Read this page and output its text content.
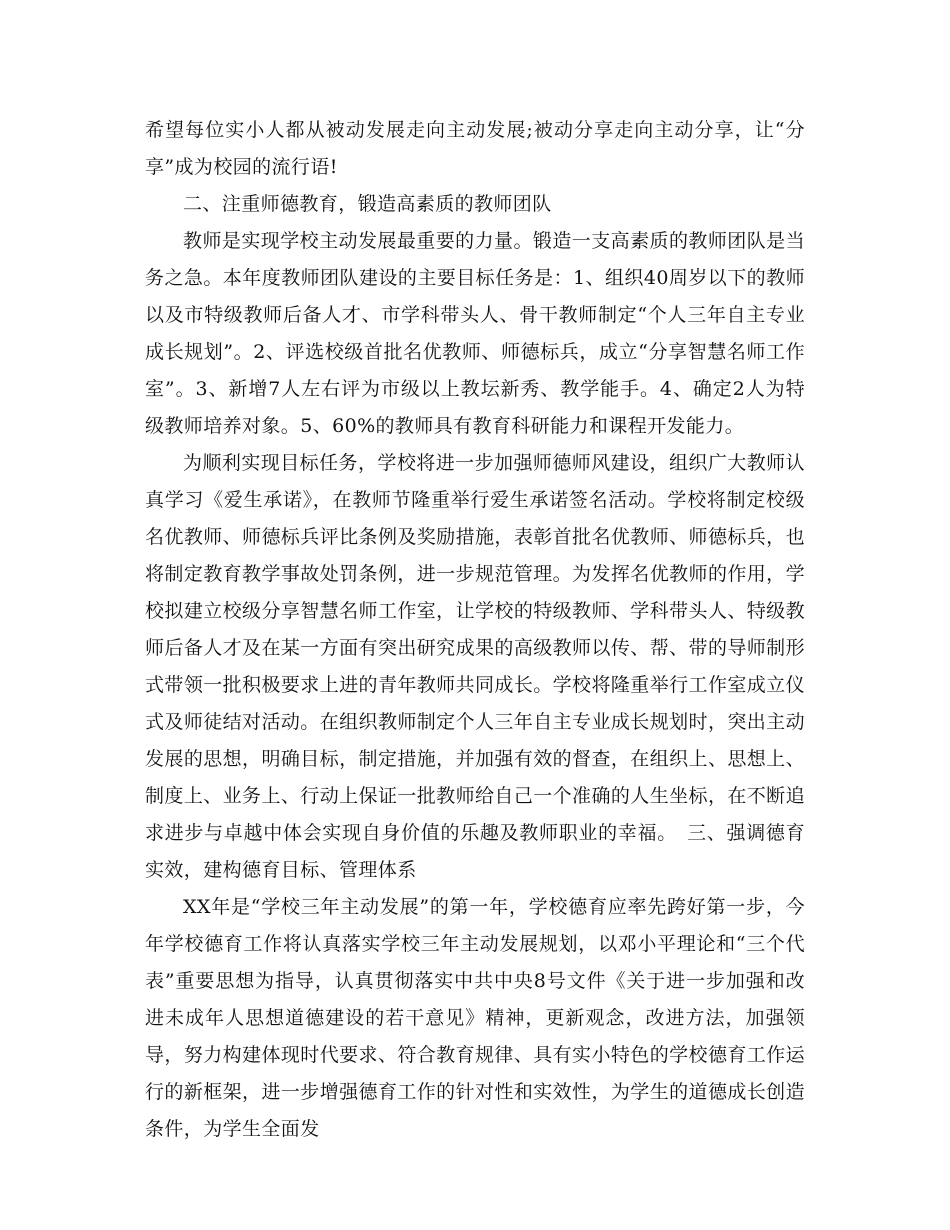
希望每位实小人都从被动发展走向主动发展;被动分享走向主动分享，让“分享”成为校园的流行语!

二、注重师德教育，锻造高素质的教师团队

教师是实现学校主动发展最重要的力量。锻造一支高素质的教师团队是当务之急。本年度教师团队建设的主要目标任务是：1、组织40周岁以下的教师以及市特级教师后备人才、市学科带头人、骨干教师制定“个人三年自主专业成长规划”。2、评选校级首批名优教师、师德标兵，成立“分享智慧名师工作室”。3、新增7人左右评为市级以上教坛新秀、教学能手。4、确定2人为特级教师培养对象。5、60%的教师具有教育科研能力和课程开发能力。

为顺利实现目标任务，学校将进一步加强师德师风建设，组织广大教师认真学习《爱生承诺》，在教师节隆重举行爱生承诺签名活动。学校将制定校级名优教师、师德标兵评比条例及奖励措施，表彰首批名优教师、师德标兵，也将制定教育教学事故处罚条例，进一步规范管理。为发挥名优教师的作用，学校拟建立校级分享智慧名师工作室，让学校的特级教师、学科带头人、特级教师后备人才及在某一方面有突出研究成果的高级教师以传、帮、带的导师制形式带领一批积极要求上进的青年教师共同成长。学校将隆重举行工作室成立仪式及师徒结对活动。在组织教师制定个人三年自主专业成长规划时，突出主动发展的思想，明确目标，制定措施，并加强有效的督查，在组织上、思想上、制度上、业务上、行动上保证一批教师给自己一个准确的人生坐标，在不断追求进步与卓越中体会实现自身价值的乐趣及教师职业的幸福。　三、强调德育实效，建构德育目标、管理体系

XX年是“学校三年主动发展”的第一年，学校德育应率先跨好第一步，今年学校德育工作将认真落实学校三年主动发展规划，以邓小平理论和“三个代表”重要思想为指导，认真贯彻落实中共中央8号文件《关于进一步加强和改进未成年人思想道德建设的若干意见》精神，更新观念，改进方法，加强领导，努力构建体现时代要求、符合教育规律、具有实小特色的学校德育工作运行的新框架，进一步增强德育工作的针对性和实效性，为学生的道德成长创造条件，为学生全面发
